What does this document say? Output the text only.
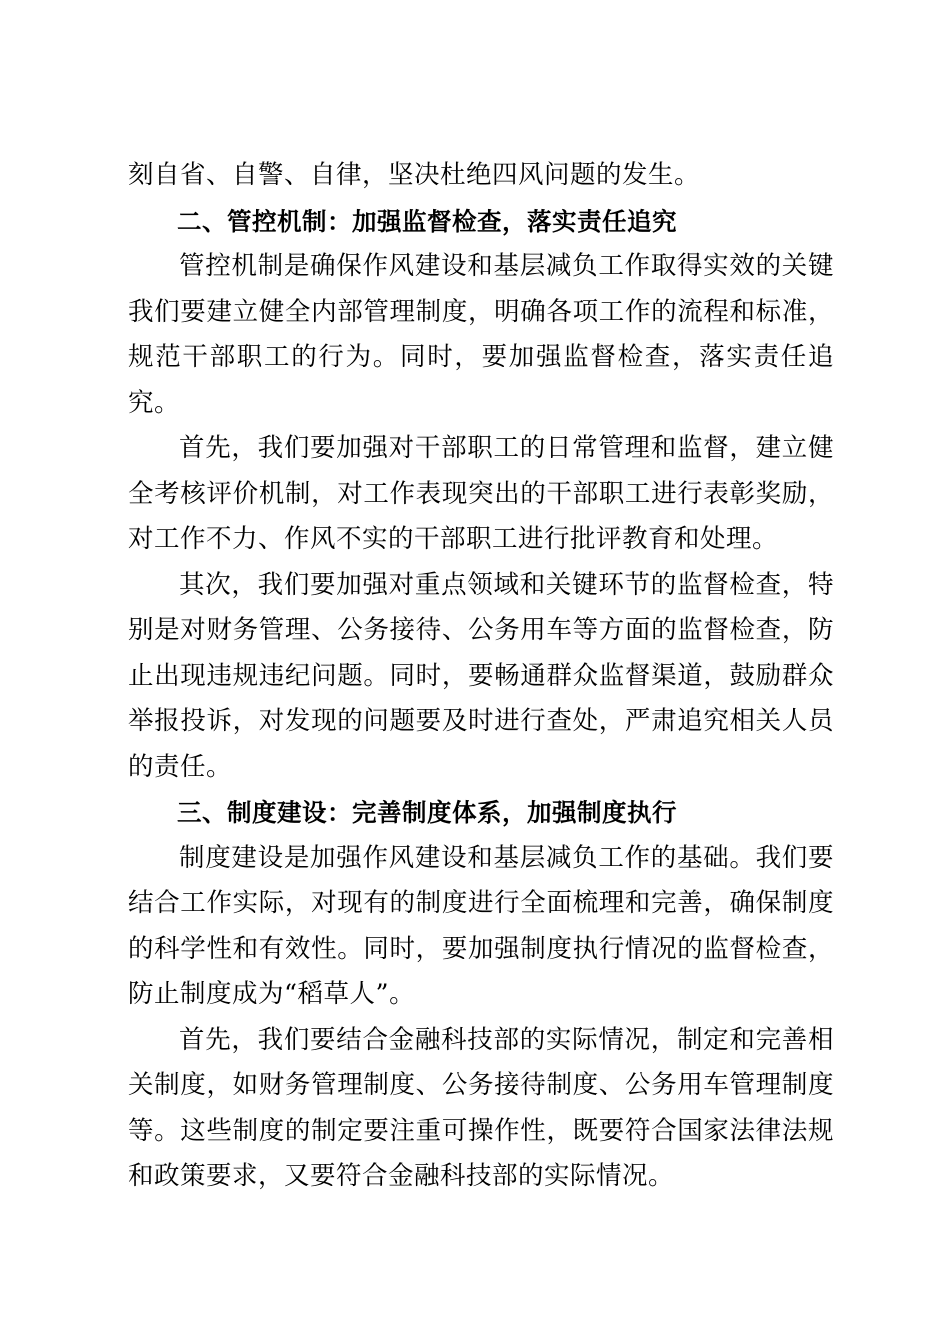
刻自省、自警、自律，坚决杜绝四风问题的发生。

二、管控机制：加强监督检查，落实责任追究

管控机制是确保作风建设和基层减负工作取得实效的关键我们要建立健全内部管理制度，明确各项工作的流程和标准，规范干部职工的行为。同时，要加强监督检查，落实责任追究。

首先，我们要加强对干部职工的日常管理和监督，建立健全考核评价机制，对工作表现突出的干部职工进行表彰奖励，对工作不力、作风不实的干部职工进行批评教育和处理。

其次，我们要加强对重点领域和关键环节的监督检查，特别是对财务管理、公务接待、公务用车等方面的监督检查，防止出现违规违纪问题。同时，要畅通群众监督渠道，鼓励群众举报投诉，对发现的问题要及时进行查处，严肃追究相关人员的责任。

三、制度建设：完善制度体系，加强制度执行

制度建设是加强作风建设和基层减负工作的基础。我们要结合工作实际，对现有的制度进行全面梳理和完善，确保制度的科学性和有效性。同时，要加强制度执行情况的监督检查，防止制度成为“稻草人”。

首先，我们要结合金融科技部的实际情况，制定和完善相关制度，如财务管理制度、公务接待制度、公务用车管理制度等。这些制度的制定要注重可操作性，既要符合国家法律法规和政策要求，又要符合金融科技部的实际情况。
